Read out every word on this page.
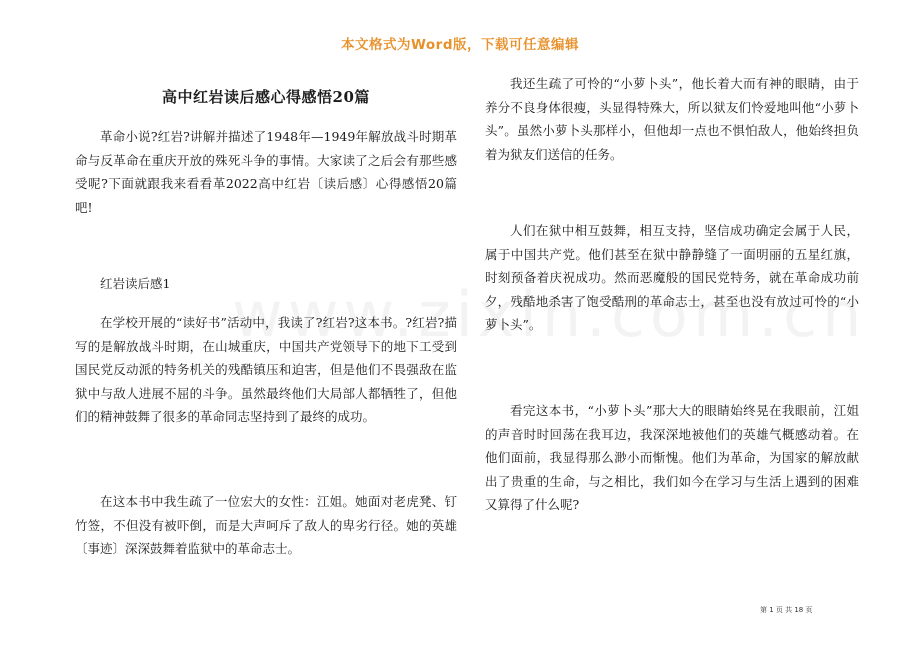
本文格式为Word版，下载可任意编辑
高中红岩读后感心得感悟20篇

革命小说?红岩?讲解并描述了1948年—1949年解放战斗时期革命与反革命在重庆开放的殊死斗争的事情。大家读了之后会有那些感受呢?下面就跟我来看看革2022高中红岩〔读后感〕心得感悟20篇吧!

红岩读后感1

在学校开展的“读好书”活动中，我读了?红岩?这本书。?红岩?描写的是解放战斗时期，在山城重庆，中国共产党领导下的地下工受到国民党反动派的特务机关的残酷镇压和迫害，但是他们不畏强敌在监狱中与敌人进展不屈的斗争。虽然最终他们大局部人都牺牲了，但他们的精神鼓舞了很多的革命同志坚持到了最终的成功。

在这本书中我生疏了一位宏大的女性：江姐。她面对老虎凳、钉竹签，不但没有被吓倒，而是大声呵斥了敌人的卑劣行径。她的英雄〔事迹〕深深鼓舞着监狱中的革命志士。

我还生疏了可怜的“小萝卜头”，他长着大而有神的眼睛，由于养分不良身体很瘦，头显得特殊大，所以狱友们怜爱地叫他“小萝卜头”。虽然小萝卜头那样小，但他却一点也不惧怕敌人，他始终担负着为狱友们送信的任务。

人们在狱中相互鼓舞，相互支持，坚信成功确定会属于人民，属于中国共产党。他们甚至在狱中静静缝了一面明丽的五星红旗，时刻预备着庆祝成功。然而恶魔般的国民党特务，就在革命成功前夕，残酷地杀害了饱受酷刑的革命志士，甚至也没有放过可怜的“小萝卜头”。

看完这本书，“小萝卜头”那大大的眼睛始终晃在我眼前，江姐的声音时时回荡在我耳边，我深深地被他们的英雄气概感动着。在他们面前，我显得那么渺小而惭愧。他们为革命，为国家的解放献出了贵重的生命，与之相比，我们如今在学习与生活上遇到的困难又算得了什么呢?

第 1 页 共 18 页
